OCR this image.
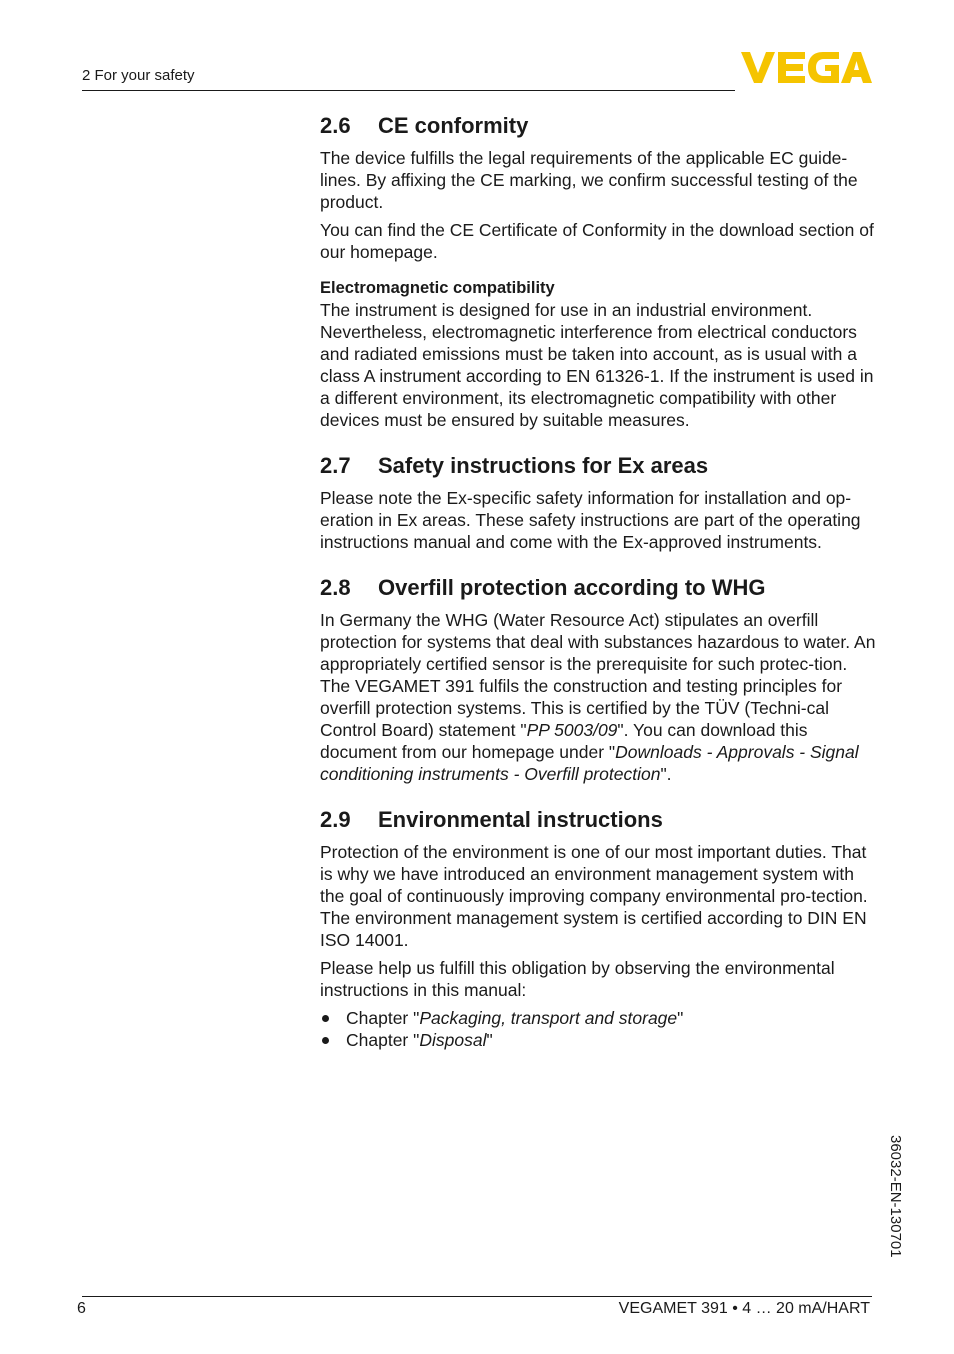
2 For your safety
2.6 CE conformity

The device fulfills the legal requirements of the applicable EC guide-lines. By affixing the CE marking, we confirm successful testing of the product.

You can find the CE Certificate of Conformity in the download section of our homepage.

Electromagnetic compatibility

The instrument is designed for use in an industrial environment. Nevertheless, electromagnetic interference from electrical conductors and radiated emissions must be taken into account, as is usual with a class A instrument according to EN 61326-1. If the instrument is used in a different environment, its electromagnetic compatibility with other devices must be ensured by suitable measures.

2.7 Safety instructions for Ex areas

Please note the Ex-specific safety information for installation and op-eration in Ex areas. These safety instructions are part of the operating instructions manual and come with the Ex-approved instruments.

2.8 Overfill protection according to WHG

In Germany the WHG (Water Resource Act) stipulates an overfill protection for systems that deal with substances hazardous to water. An appropriately certified sensor is the prerequisite for such protec-tion. The VEGAMET 391 fulfils the construction and testing principles for overfill protection systems. This is certified by the TÜV (Techni-cal Control Board) statement "PP 5003/09". You can download this document from our homepage under "Downloads - Approvals - Signal conditioning instruments - Overfill protection".

2.9 Environmental instructions

Protection of the environment is one of our most important duties. That is why we have introduced an environment management system with the goal of continuously improving company environmental pro-tection. The environment management system is certified according to DIN EN ISO 14001.

Please help us fulfill this obligation by observing the environmental instructions in this manual:

Chapter "Packaging, transport and storage"
Chapter "Disposal"
36032-EN-130701
6	VEGAMET 391 • 4 … 20 mA/HART
